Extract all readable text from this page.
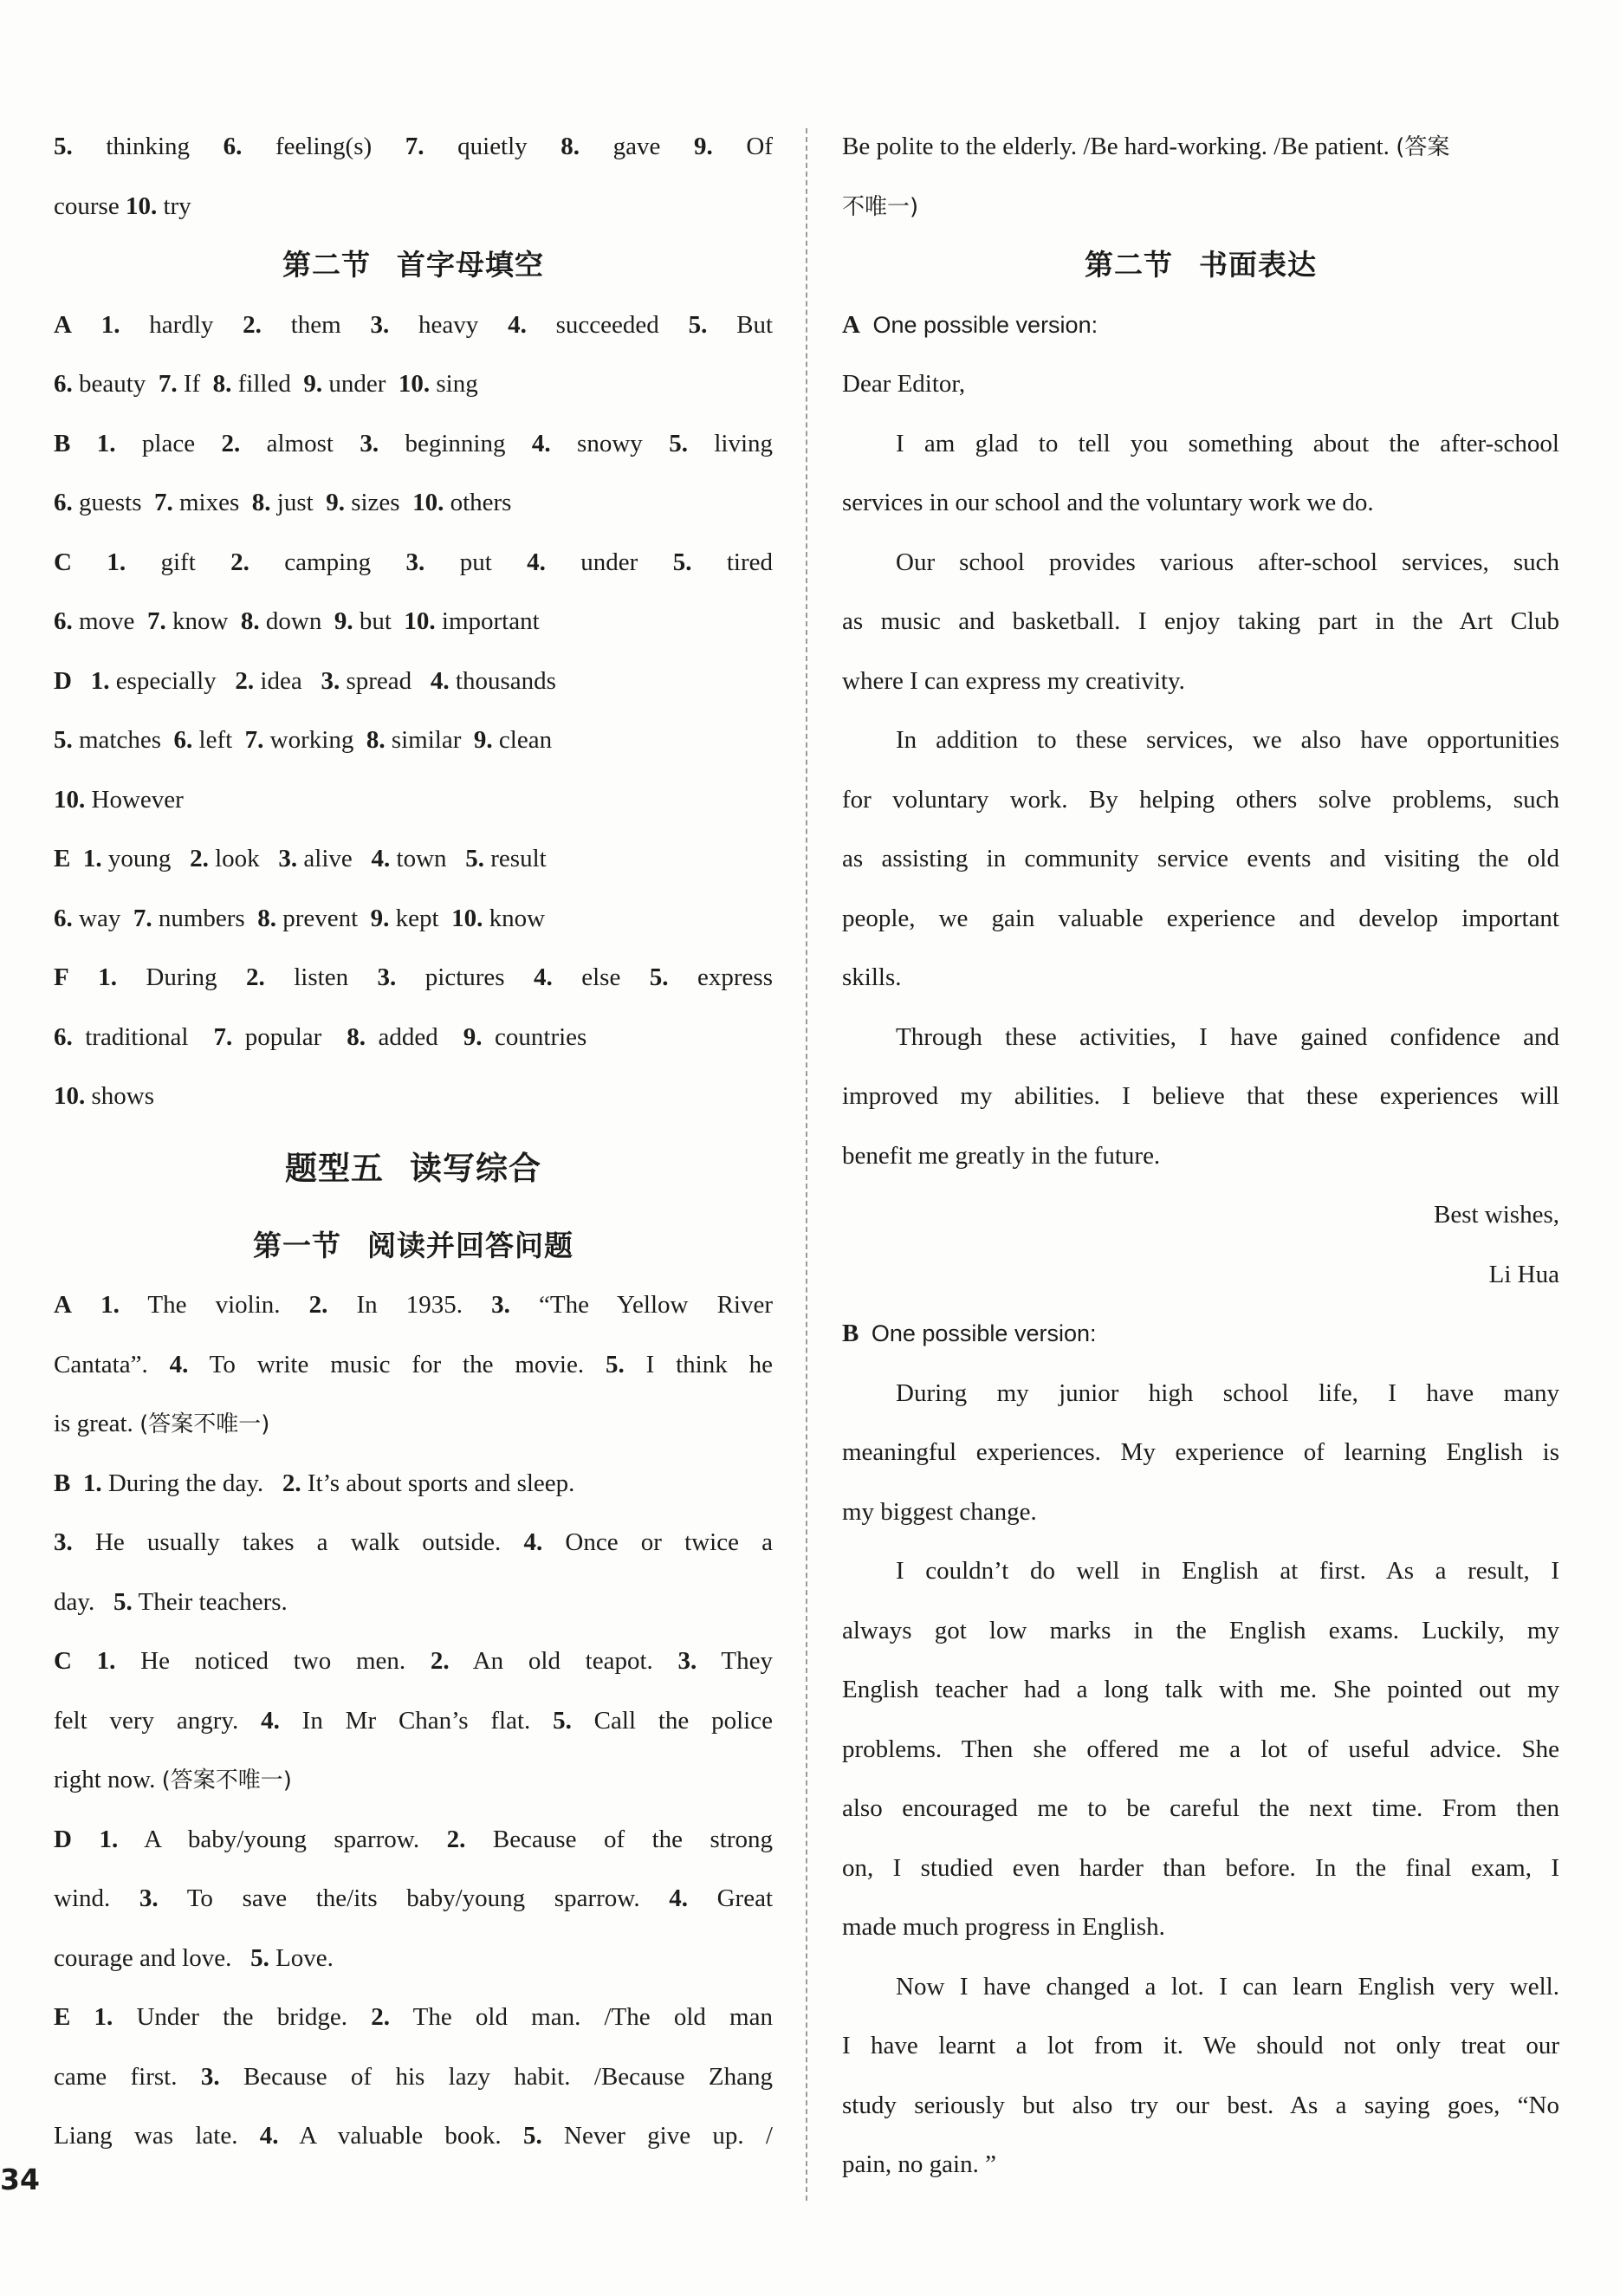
5. thinking 6. feeling(s) 7. quietly 8. gave 9. Of
course 10. try
第二节 首字母填空
A 1. hardly 2. them 3. heavy 4. succeeded 5. But
6. beauty  7. If  8. filled  9. under  10. sing
B 1. place 2. almost 3. beginning 4. snowy 5. living
6. guests  7. mixes  8. just  9. sizes  10. others
C 1. gift 2. camping 3. put 4. under 5. tired
6. move  7. know  8. down  9. but  10. important
D 1. especially   2. idea   3. spread   4. thousands
5. matches  6. left  7. working  8. similar  9. clean
10. However
E 1. young   2. look   3. alive   4. town   5. result
6. way  7. numbers  8. prevent  9. kept  10. know
F 1. During 2. listen 3. pictures 4. else 5. express
6.  traditional    7.  popular    8.  added    9.  countries
10. shows
题型五 读写综合
第一节 阅读并回答问题
A 1. The violin. 2. In 1935. 3. “The Yellow River
Cantata”. 4. To write music for the movie. 5. I think he
is great. (答案不唯一)
B 1. During the day.   2. It’s about sports and sleep.
3. He usually takes a walk outside. 4. Once or twice a
day.   5. Their teachers.
C 1. He noticed two men. 2. An old teapot. 3. They
felt very angry. 4. In Mr Chan’s flat. 5. Call the police
right now. (答案不唯一)
D 1. A baby/young sparrow. 2. Because of the strong
wind. 3. To save the/its baby/young sparrow. 4. Great
courage and love.   5. Love.
E 1. Under the bridge. 2. The old man. /The old man
came first. 3. Because of his lazy habit. /Because Zhang
Liang was late. 4. A valuable book. 5. Never give up. /
Be polite to the elderly. /Be hard-working. /Be patient. (答案
不唯一)
第二节 书面表达
A One possible version:
Dear Editor,
I am glad to tell you something about the after-school
services in our school and the voluntary work we do.
Our school provides various after-school services, such
as music and basketball. I enjoy taking part in the Art Club
where I can express my creativity.
In addition to these services, we also have opportunities
for voluntary work. By helping others solve problems, such
as assisting in community service events and visiting the old
people, we gain valuable experience and develop important
skills.
Through these activities, I have gained confidence and
improved my abilities. I believe that these experiences will
benefit me greatly in the future.
Best wishes,
Li Hua
B One possible version:
During my junior high school life, I have many
meaningful experiences. My experience of learning English is
my biggest change.
I couldn’t do well in English at first. As a result, I
always got low marks in the English exams. Luckily, my
English teacher had a long talk with me. She pointed out my
problems. Then she offered me a lot of useful advice. She
also encouraged me to be careful the next time. From then
on, I studied even harder than before. In the final exam, I
made much progress in English.
Now I have changed a lot. I can learn English very well.
I have learnt a lot from it. We should not only treat our
study seriously but also try our best. As a saying goes, “No
pain, no gain. ”
34
